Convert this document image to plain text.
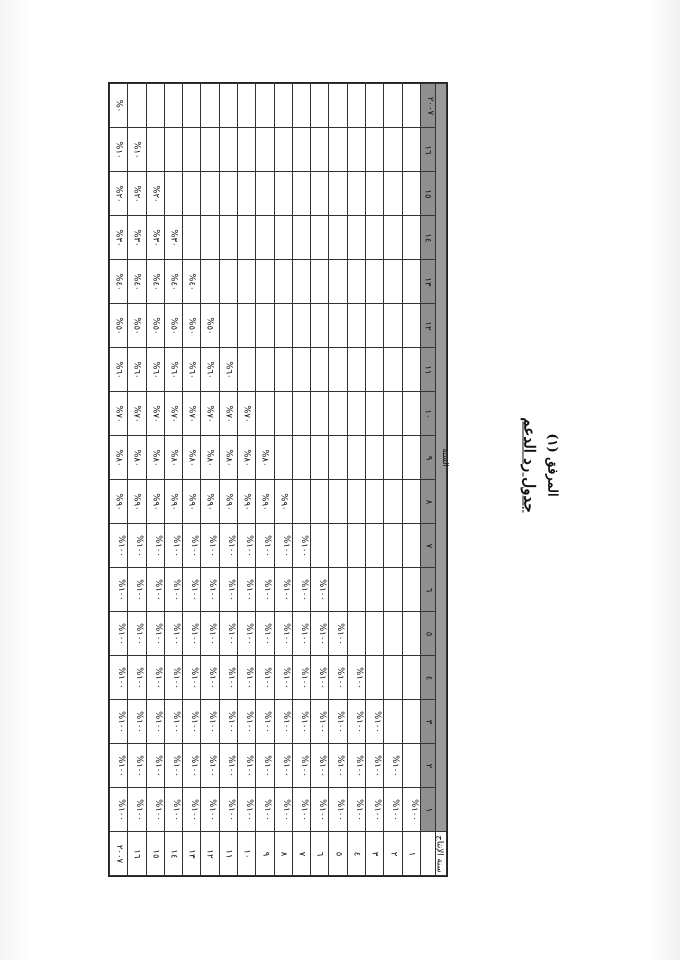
المرفق (١)
جدول رد الدعم
%٠																	٢٠٠٧	السنة
%١٠	%١٠																١٦	
%٢٠	%٢٠	%٢٠															١٥	
%٣٠	%٣٠	%٣٠	%٣٠														١٤	
%٤٠	%٤٠	%٤٠	%٤٠	%٤٠													١٣	
%٥٠	%٥٠	%٥٠	%٥٠	%٥٠	%٥٠												١٢	
%٦٠	%٦٠	%٦٠	%٦٠	%٦٠	%٦٠	%٦٠											١١	
%٧٠	%٧٠	%٧٠	%٧٠	%٧٠	%٧٠	%٧٠	%٧٠										١٠	
%٨٠	%٨٠	%٨٠	%٨٠	%٨٠	%٨٠	%٨٠	%٨٠	%٨٠									٩	
%٩٠	%٩٠	%٩٠	%٩٠	%٩٠	%٩٠	%٩٠	%٩٠	%٩٠	%٩٠								٨	
%١٠٠	%١٠٠	%١٠٠	%١٠٠	%١٠٠	%١٠٠	%١٠٠	%١٠٠	%١٠٠	%١٠٠	%١٠٠							٧	
%١٠٠	%١٠٠	%١٠٠	%١٠٠	%١٠٠	%١٠٠	%١٠٠	%١٠٠	%١٠٠	%١٠٠	%١٠٠	%١٠٠						٦	
%١٠٠	%١٠٠	%١٠٠	%١٠٠	%١٠٠	%١٠٠	%١٠٠	%١٠٠	%١٠٠	%١٠٠	%١٠٠	%١٠٠	%١٠٠					٥	
%١٠٠	%١٠٠	%١٠٠	%١٠٠	%١٠٠	%١٠٠	%١٠٠	%١٠٠	%١٠٠	%١٠٠	%١٠٠	%١٠٠	%١٠٠	%١٠٠				٤	
%١٠٠	%١٠٠	%١٠٠	%١٠٠	%١٠٠	%١٠٠	%١٠٠	%١٠٠	%١٠٠	%١٠٠	%١٠٠	%١٠٠	%١٠٠	%١٠٠	%١٠٠			٣	
%١٠٠	%١٠٠	%١٠٠	%١٠٠	%١٠٠	%١٠٠	%١٠٠	%١٠٠	%١٠٠	%١٠٠	%١٠٠	%١٠٠	%١٠٠	%١٠٠	%١٠٠	%١٠٠		٢	
%١٠٠	%١٠٠	%١٠٠	%١٠٠	%١٠٠	%١٠٠	%١٠٠	%١٠٠	%١٠٠	%١٠٠	%١٠٠	%١٠٠	%١٠٠	%١٠٠	%١٠٠	%١٠٠	%١٠٠	١	
٢٠٠٧	١٦	١٥	١٤	١٣	١٢	١١	١٠	٩	٨	٧	٦	٥	٤	٣	٢	١	سنة الإنتاج	
